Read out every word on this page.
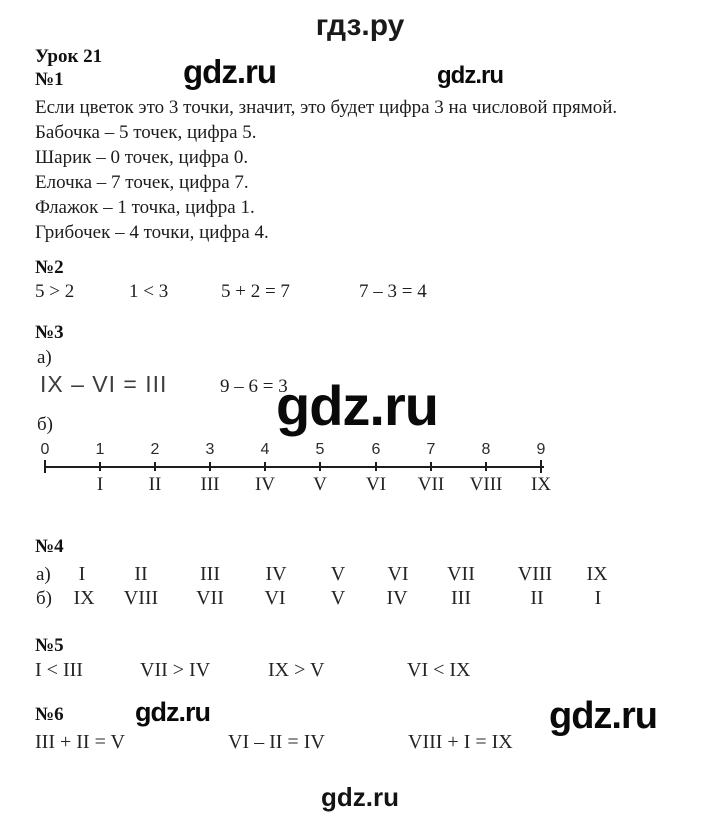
гдз.ру
Урок 21
№1	gdz.ru	gdz.ru
Если цветок это 3 точки, значит, это будет цифра 3 на числовой прямой.
Бабочка – 5 точек, цифра 5.
Шарик – 0 точек, цифра 0.
Елочка – 7 точек, цифра 7.
Флажок – 1 точка, цифра 1.
Грибочек – 4 точки, цифра 4.
№2
5 > 2	1 < 3	5 + 2 = 7	7 – 3 = 4
№3
а)
IX – VI = III	9 – 6 = 3
gdz.ru
б)
0	1	2	3	4	5	6	7	8	9
I II III IV V VI VII VIII IX
№4
а) I II	III IV V VI VII VIII IX
б) IX VIII VII VI V IV III	II	I
№5
I < III	VII > IV	IX > V	VI < IX
№6	gdz.ru	gdz.ru
III + II = V	VI – II = IV	VIII + I = IX
gdz.ru
